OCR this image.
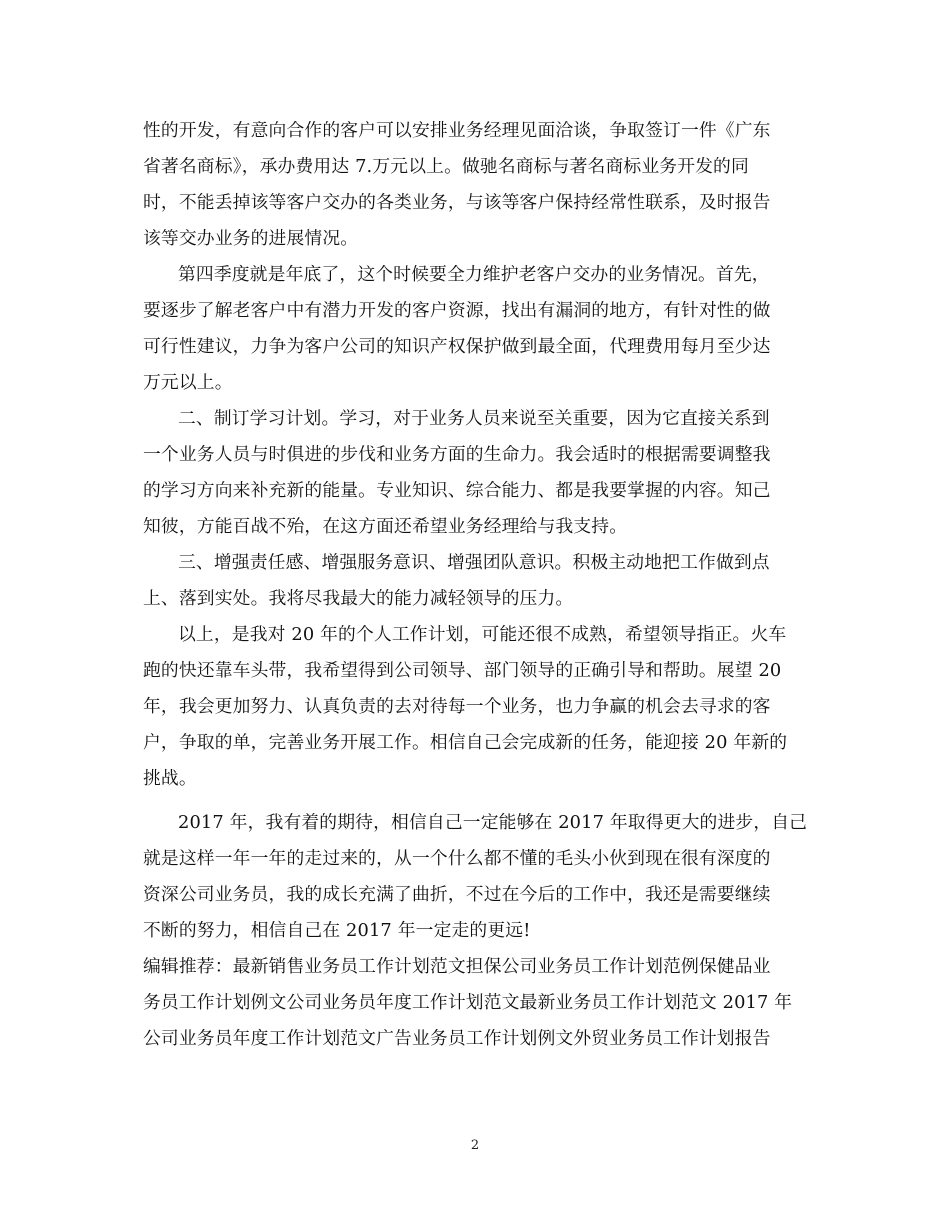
性的开发，有意向合作的客户可以安排业务经理见面洽谈，争取签订一件《广东
省著名商标》，承办费用达 7.万元以上。做驰名商标与著名商标业务开发的同
时，不能丢掉该等客户交办的各类业务，与该等客户保持经常性联系，及时报告
该等交办业务的进展情况。
第四季度就是年底了，这个时候要全力维护老客户交办的业务情况。首先，
要逐步了解老客户中有潜力开发的客户资源，找出有漏洞的地方，有针对性的做
可行性建议，力争为客户公司的知识产权保护做到最全面，代理费用每月至少达
万元以上。
二、制订学习计划。学习，对于业务人员来说至关重要，因为它直接关系到
一个业务人员与时俱进的步伐和业务方面的生命力。我会适时的根据需要调整我
的学习方向来补充新的能量。专业知识、综合能力、都是我要掌握的内容。知己
知彼，方能百战不殆，在这方面还希望业务经理给与我支持。
三、增强责任感、增强服务意识、增强团队意识。积极主动地把工作做到点
上、落到实处。我将尽我最大的能力减轻领导的压力。
以上，是我对 20 年的个人工作计划，可能还很不成熟，希望领导指正。火车
跑的快还靠车头带，我希望得到公司领导、部门领导的正确引导和帮助。展望 20
年，我会更加努力、认真负责的去对待每一个业务，也力争赢的机会去寻求的客
户，争取的单，完善业务开展工作。相信自己会完成新的任务，能迎接 20 年新的
挑战。
2017 年，我有着的期待，相信自己一定能够在 2017 年取得更大的进步，自己
就是这样一年一年的走过来的，从一个什么都不懂的毛头小伙到现在很有深度的
资深公司业务员，我的成长充满了曲折，不过在今后的工作中，我还是需要继续
不断的努力，相信自己在 2017 年一定走的更远!
编辑推荐：最新销售业务员工作计划范文担保公司业务员工作计划范例保健品业
务员工作计划例文公司业务员年度工作计划范文最新业务员工作计划范文 2017 年
公司业务员年度工作计划范文广告业务员工作计划例文外贸业务员工作计划报告
2
